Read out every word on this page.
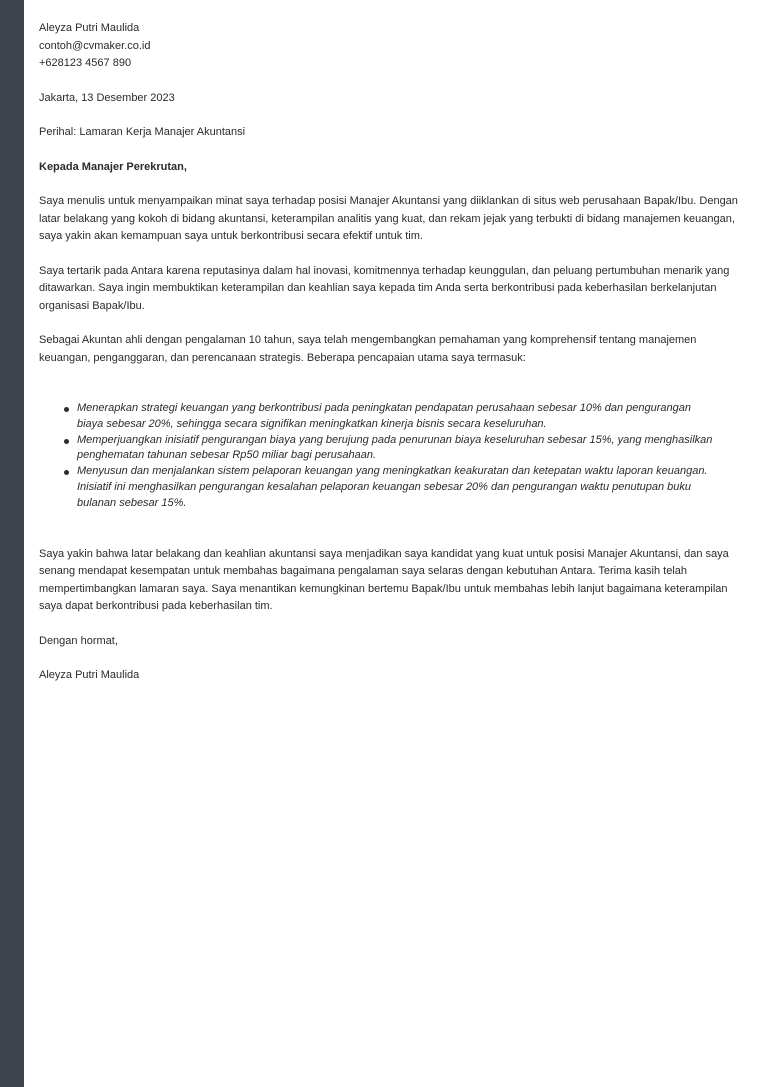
Aleyza Putri Maulida

contoh@cvmaker.co.id

+628123 4567 890

Jakarta, 13 Desember 2023

Perihal: Lamaran Kerja Manajer Akuntansi

Kepada Manajer Perekrutan,

Saya menulis untuk menyampaikan minat saya terhadap posisi Manajer Akuntansi yang diiklankan di situs web perusahaan Bapak/Ibu. Dengan latar belakang yang kokoh di bidang akuntansi, keterampilan analitis yang kuat, dan rekam jejak yang terbukti di bidang manajemen keuangan, saya yakin akan kemampuan saya untuk berkontribusi secara efektif untuk tim.

Saya tertarik pada Antara karena reputasinya dalam hal inovasi, komitmennya terhadap keunggulan, dan peluang pertumbuhan menarik yang ditawarkan. Saya ingin membuktikan keterampilan dan keahlian saya kepada tim Anda serta berkontribusi pada keberhasilan berkelanjutan organisasi Bapak/Ibu.

Sebagai Akuntan ahli dengan pengalaman 10 tahun, saya telah mengembangkan pemahaman yang komprehensif tentang manajemen keuangan, penganggaran, dan perencanaan strategis. Beberapa pencapaian utama saya termasuk:

Menerapkan strategi keuangan yang berkontribusi pada peningkatan pendapatan perusahaan sebesar 10% dan pengurangan biaya sebesar 20%, sehingga secara signifikan meningkatkan kinerja bisnis secara keseluruhan.
Memperjuangkan inisiatif pengurangan biaya yang berujung pada penurunan biaya keseluruhan sebesar 15%, yang menghasilkan penghematan tahunan sebesar Rp50 miliar bagi perusahaan.
Menyusun dan menjalankan sistem pelaporan keuangan yang meningkatkan keakuratan dan ketepatan waktu laporan keuangan. Inisiatif ini menghasilkan pengurangan kesalahan pelaporan keuangan sebesar 20% dan pengurangan waktu penutupan buku bulanan sebesar 15%.

Saya yakin bahwa latar belakang dan keahlian akuntansi saya menjadikan saya kandidat yang kuat untuk posisi Manajer Akuntansi, dan saya senang mendapat kesempatan untuk membahas bagaimana pengalaman saya selaras dengan kebutuhan Antara. Terima kasih telah mempertimbangkan lamaran saya. Saya menantikan kemungkinan bertemu Bapak/Ibu untuk membahas lebih lanjut bagaimana keterampilan saya dapat berkontribusi pada keberhasilan tim.

Dengan hormat,

Aleyza Putri Maulida
